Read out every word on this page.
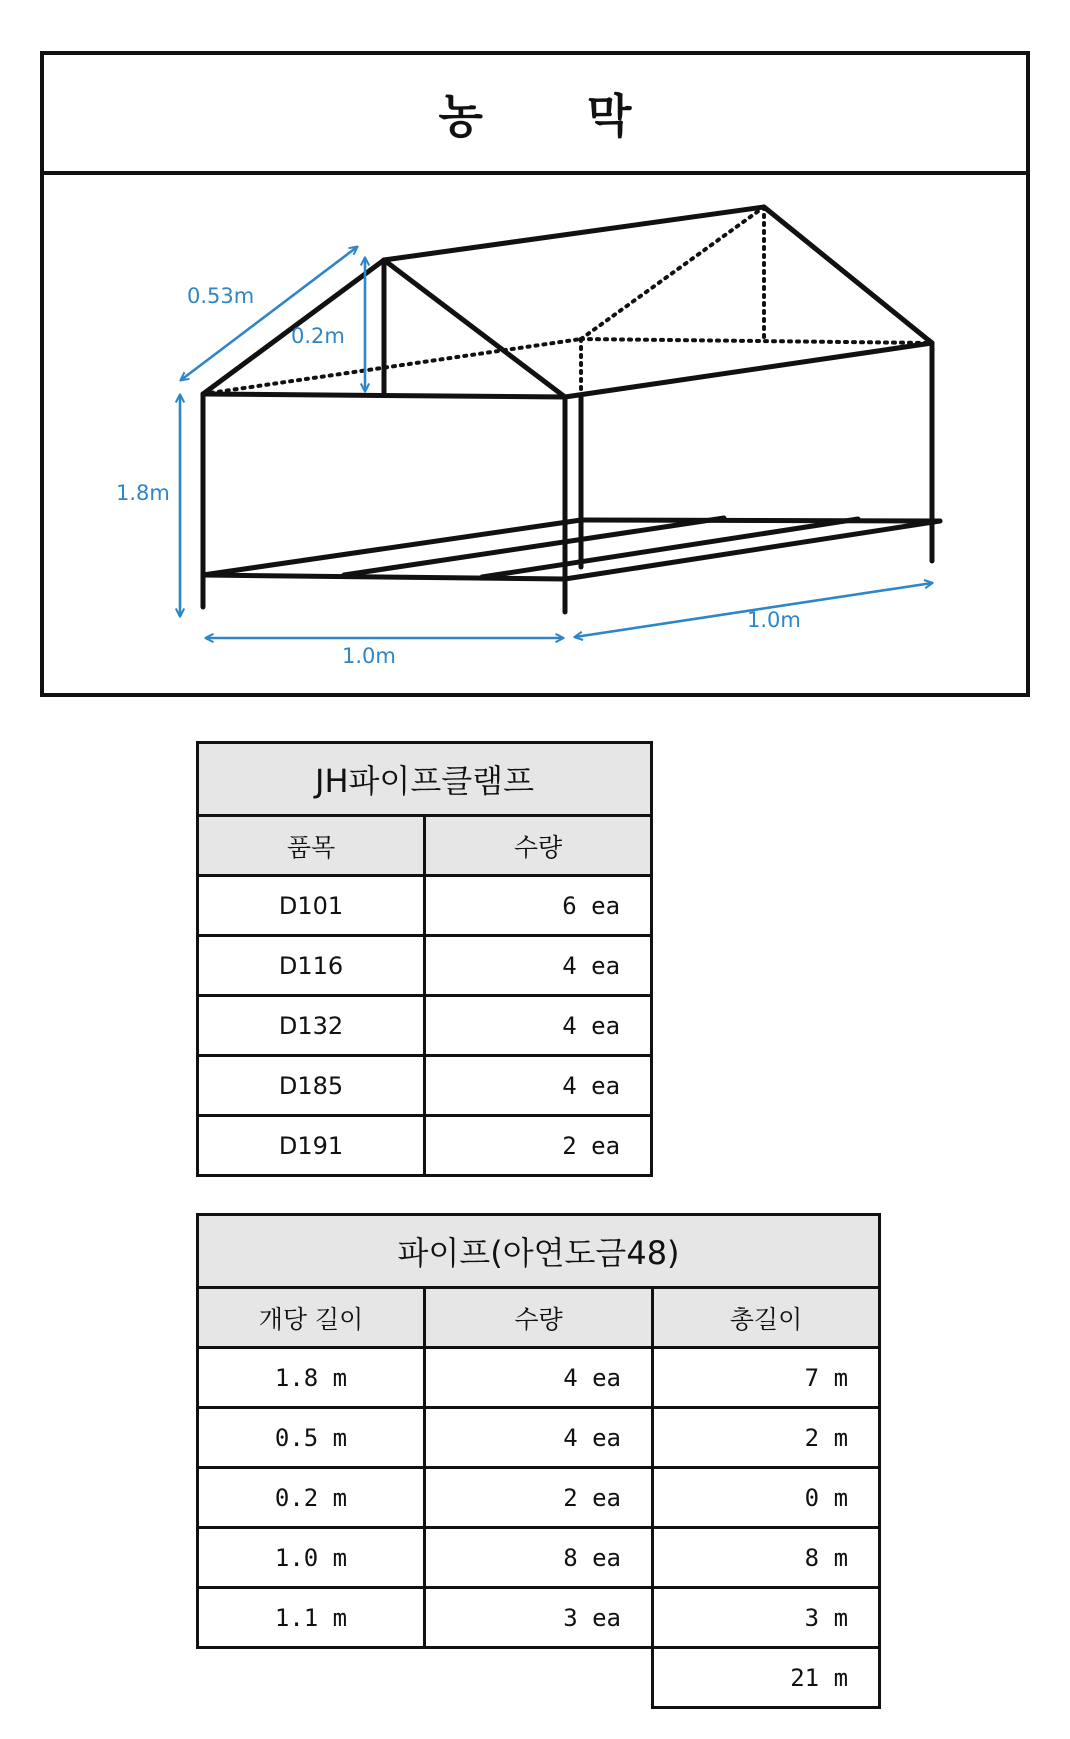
농 막
0.53m
0.2m
1.8m
1.0m
1.0m
JH파이프클램프	
품목	수량
D101	6 ea
D116	4 ea
D132	4 ea
D185	4 ea
D191	2 ea
파이프(아연도금48)		
개당 길이	수량	총길이
1.8 m	4 ea	7 m
0.5 m	4 ea	2 m
0.2 m	2 ea	0 m
1.0 m	8 ea	8 m
1.1 m	3 ea	3 m
		21 m
